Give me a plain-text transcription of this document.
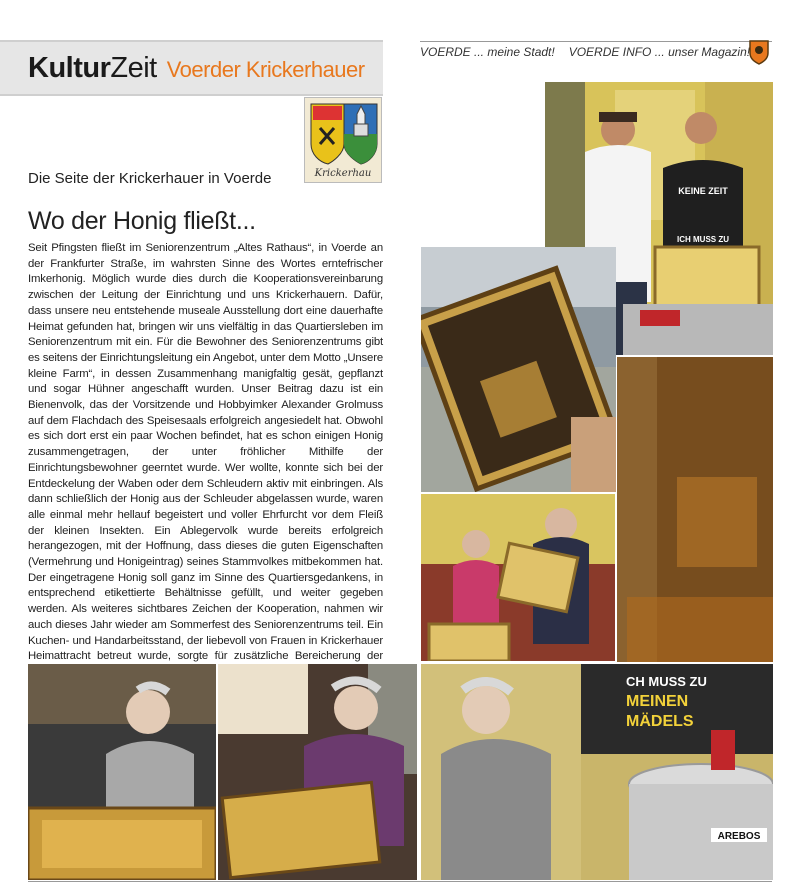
KulturZeit Voerder Krickerhauer
VOERDE ... meine Stadt! VOERDE INFO ... unser Magazin!
Krickerhau
Die Seite der Krickerhauer in Voerde
Wo der Honig fließt...
Seit Pfingsten fließt im Seniorenzentrum „Altes Rathaus“, in Voerde an der Frankfurter Straße, im wahrsten Sinne des Wortes erntefrischer Imkerhonig. Möglich wurde dies durch die Kooperationsvereinbarung zwischen der Leitung der Einrichtung und uns Krickerhauern. Dafür, dass unsere neu entstehende museale Ausstellung dort eine dauerhafte Heimat gefunden hat, bringen wir uns vielfältig in das Quartiersleben im Seniorenzentrum mit ein. Für die Bewohner des Seniorenzentrums gibt es seitens der Einrichtungsleitung ein Angebot, unter dem Motto „Unsere kleine Farm“, in dessen Zusammenhang manigfaltig gesät, gepflanzt und sogar Hühner angeschafft wurden. Unser Beitrag dazu ist ein Bienenvolk, das der Vorsitzende und Hobbyimker Alexander Grolmuss auf dem Flachdach des Speisesaals erfolgreich angesiedelt hat. Obwohl es sich dort erst ein paar Wochen befindet, hat es schon einigen Honig zusammengetragen, der unter fröhlicher Mithilfe der Einrichtungsbewohner geerntet wurde. Wer wollte, konnte sich bei der Entdeckelung der Waben oder dem Schleudern aktiv mit einbringen. Als dann schließlich der Honig aus der Schleuder abgelassen wurde, waren alle einmal mehr hellauf begeistert und voller Ehrfurcht vor dem Fleiß der kleinen Insekten. Ein Ablegervolk wurde bereits erfolgreich herangezogen, mit der Hoffnung, dass dieses die guten Eigenschaften (Vermehrung und Honigeintrag) seines Stammvolkes mitbekommen hat. Der eingetragene Honig soll ganz im Sinne des Quartiersgedankens, in entsprechend etikettierte Behältnisse gefüllt, und weiter gegeben werden. Als weiteres sichtbares Zeichen der Kooperation, nahmen wir auch dieses Jahr wieder am Sommerfest des Seniorenzentrums teil. Ein Kuchen- und Handarbeitsstand, der liebevoll von Frauen in Krickerhauer Heimattracht betreut wurde, sorgte für zusätzliche Bereicherung der
KEINE ZEIT
ICH MUSS ZU
CH MUSS ZU
MEINEN
MÄDELS
AREBOS
